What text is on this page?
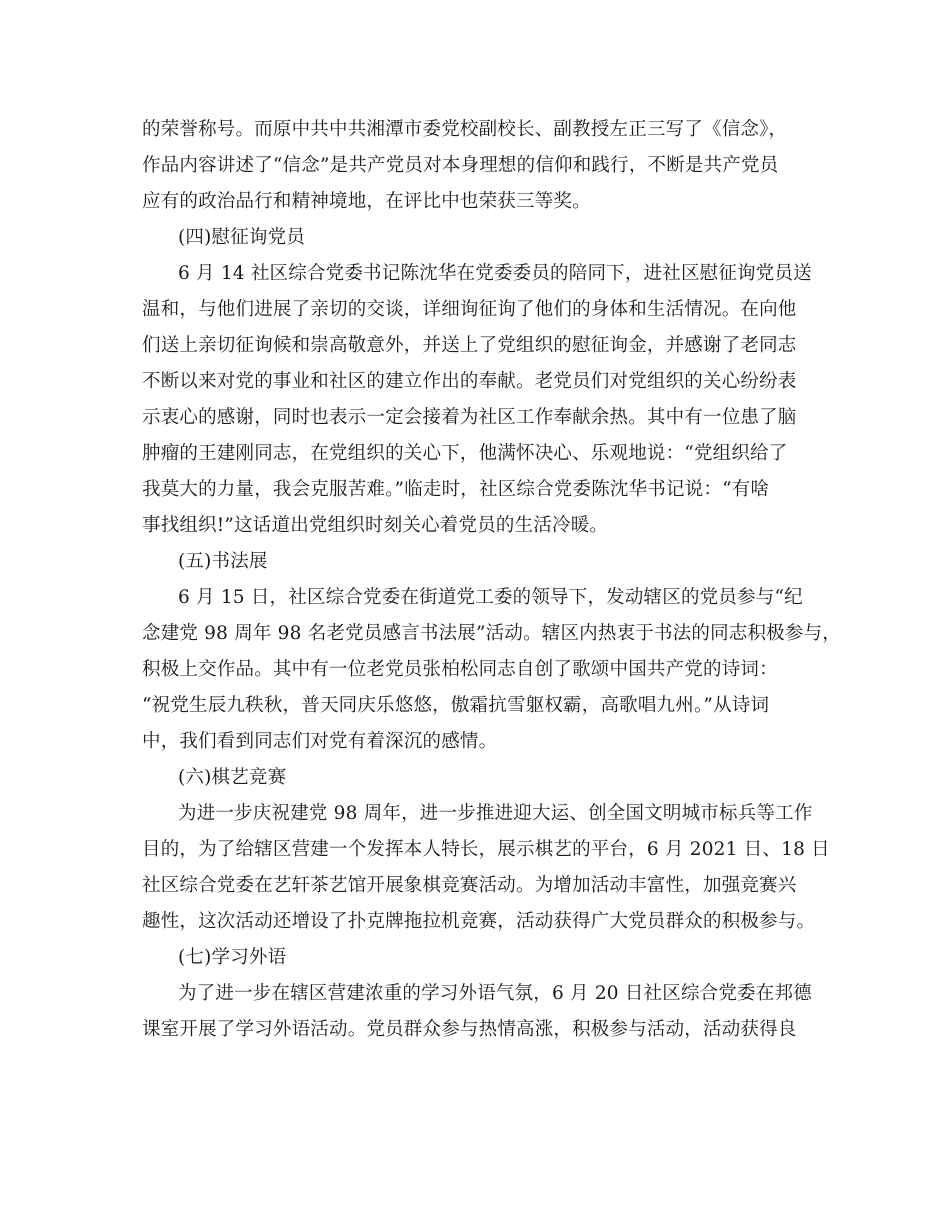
的荣誉称号。而原中共中共湘潭市委党校副校长、副教授左正三写了《信念》，
作品内容讲述了“信念”是共产党员对本身理想的信仰和践行，不断是共产党员
应有的政治品行和精神境地，在评比中也荣获三等奖。
(四)慰征询党员
6 月 14 社区综合党委书记陈沈华在党委委员的陪同下，进社区慰征询党员送
温和，与他们进展了亲切的交谈，详细询征询了他们的身体和生活情况。在向他
们送上亲切征询候和崇高敬意外，并送上了党组织的慰征询金，并感谢了老同志
不断以来对党的事业和社区的建立作出的奉献。老党员们对党组织的关心纷纷表
示衷心的感谢，同时也表示一定会接着为社区工作奉献余热。其中有一位患了脑
肿瘤的王建刚同志，在党组织的关心下，他满怀决心、乐观地说：“党组织给了
我莫大的力量，我会克服苦难。”临走时，社区综合党委陈沈华书记说：“有啥
事找组织!”这话道出党组织时刻关心着党员的生活冷暖。
(五)书法展
6 月 15 日，社区综合党委在街道党工委的领导下，发动辖区的党员参与“纪
念建党 98 周年 98 名老党员感言书法展”活动。辖区内热衷于书法的同志积极参与，
积极上交作品。其中有一位老党员张柏松同志自创了歌颂中国共产党的诗词：
“祝党生辰九秩秋，普天同庆乐悠悠，傲霜抗雪躯权霸，高歌唱九州。”从诗词
中，我们看到同志们对党有着深沉的感情。
(六)棋艺竞赛
为进一步庆祝建党 98 周年，进一步推进迎大运、创全国文明城市标兵等工作
目的，为了给辖区营建一个发挥本人特长，展示棋艺的平台，6 月 2021 日、18 日
社区综合党委在艺轩茶艺馆开展象棋竞赛活动。为增加活动丰富性，加强竞赛兴
趣性，这次活动还增设了扑克牌拖拉机竞赛，活动获得广大党员群众的积极参与。
(七)学习外语
为了进一步在辖区营建浓重的学习外语气氛，6 月 20 日社区综合党委在邦德
课室开展了学习外语活动。党员群众参与热情高涨，积极参与活动，活动获得良
